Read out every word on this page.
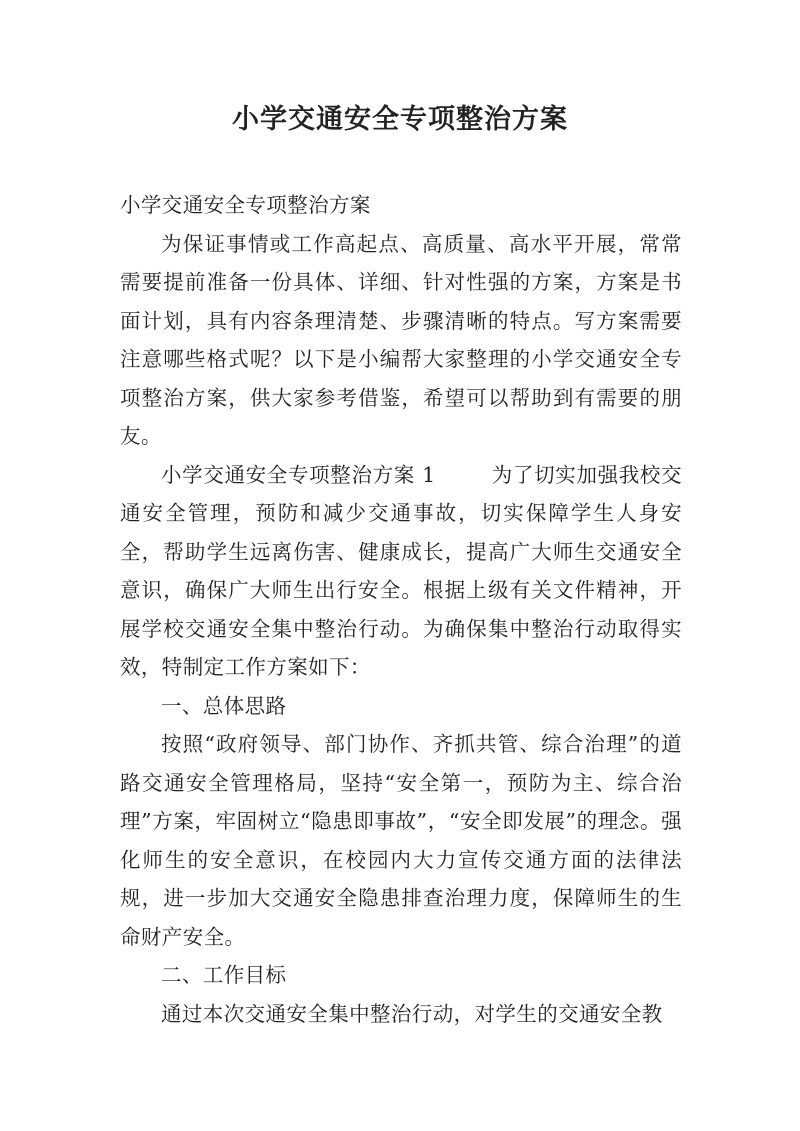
小学交通安全专项整治方案

小学交通安全专项整治方案

为保证事情或工作高起点、高质量、高水平开展，常常需要提前准备一份具体、详细、针对性强的方案，方案是书面计划，具有内容条理清楚、步骤清晰的特点。写方案需要注意哪些格式呢？以下是小编帮大家整理的小学交通安全专项整治方案，供大家参考借鉴，希望可以帮助到有需要的朋友。

小学交通安全专项整治方案 1	为了切实加强我校交通安全管理，预防和减少交通事故，切实保障学生人身安全，帮助学生远离伤害、健康成长，提高广大师生交通安全意识，确保广大师生出行安全。根据上级有关文件精神，开展学校交通安全集中整治行动。为确保集中整治行动取得实效，特制定工作方案如下：

一、总体思路

按照“政府领导、部门协作、齐抓共管、综合治理”的道路交通安全管理格局，坚持“安全第一，预防为主、综合治理”方案，牢固树立“隐患即事故”，“安全即发展”的理念。强化师生的安全意识，在校园内大力宣传交通方面的法律法规，进一步加大交通安全隐患排查治理力度，保障师生的生命财产安全。

二、工作目标

通过本次交通安全集中整治行动，对学生的交通安全教
